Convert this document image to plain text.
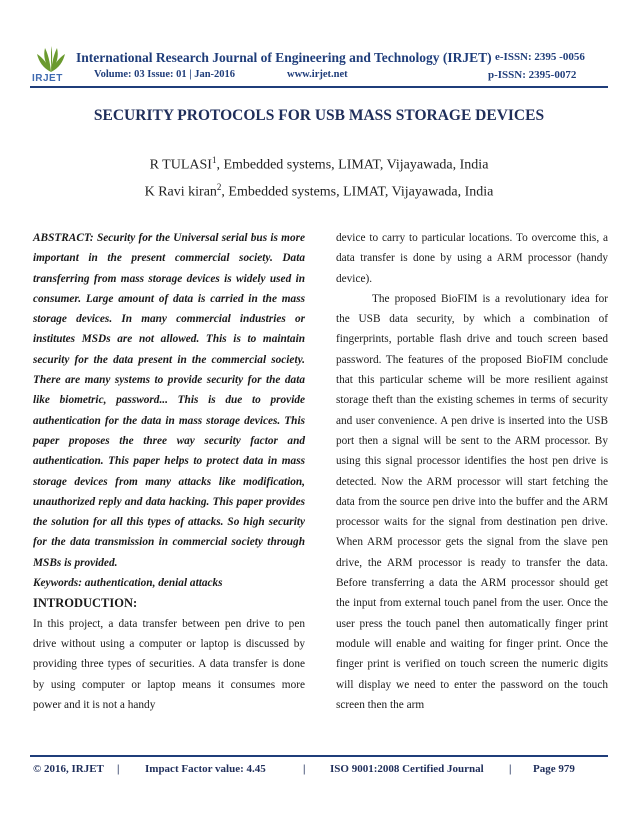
IRJET
International Research Journal of Engineering and Technology (IRJET) e-ISSN: 2395 -0056
Volume: 03 Issue: 01 | Jan-2016	www.irjet.net	p-ISSN: 2395-0072
SECURITY PROTOCOLS FOR USB MASS STORAGE DEVICES
R TULASI$^1$, Embedded systems, LIMAT, Vijayawada, India
K Ravi kiran$^2$, Embedded systems, LIMAT, Vijayawada, India

ABSTRACT: Security for the Universal serial bus is more important in the present commercial society. Data transferring from mass storage devices is widely used in consumer. Large amount of data is carried in the mass storage devices. In many commercial industries or institutes MSDs are not allowed. This is to maintain security for the data present in the commercial society. There are many systems to provide security for the data like biometric, password... This is due to provide authentication for the data in mass storage devices. This paper proposes the three way security factor and authentication. This paper helps to protect data in mass storage devices from many attacks like modification, unauthorized reply and data hacking. This paper provides the solution for all this types of attacks. So high security for the data transmission in commercial society through MSBs is provided.

Keywords: authentication, denial attacks

INTRODUCTION:

In this project, a data transfer between pen drive to pen drive without using a computer or laptop is discussed by providing three types of securities. A data transfer is done by using computer or laptop means it consumes more power and it is not a handy

device to carry to particular locations. To overcome this, a data transfer is done by using a ARM processor (handy device).

The proposed BioFIM is a revolutionary idea for the USB data security, by which a combination of fingerprints, portable flash drive and touch screen based password. The features of the proposed BioFIM conclude that this particular scheme will be more resilient against storage theft than the existing schemes in terms of security and user convenience. A pen drive is inserted into the USB port then a signal will be sent to the ARM processor. By using this signal processor identifies the host pen drive is detected. Now the ARM processor will start fetching the data from the source pen drive into the buffer and the ARM processor waits for the signal from destination pen drive. When ARM processor gets the signal from the slave pen drive, the ARM processor is ready to transfer the data. Before transferring a data the ARM processor should get the input from external touch panel from the user. Once the user press the touch panel then automatically finger print module will enable and waiting for finger print. Once the finger print is verified on touch screen the numeric digits will display we need to enter the password on the touch screen then the arm

© 2016, IRJET | Impact Factor value: 4.45	| ISO 9001:2008 Certified Journal | Page 979
